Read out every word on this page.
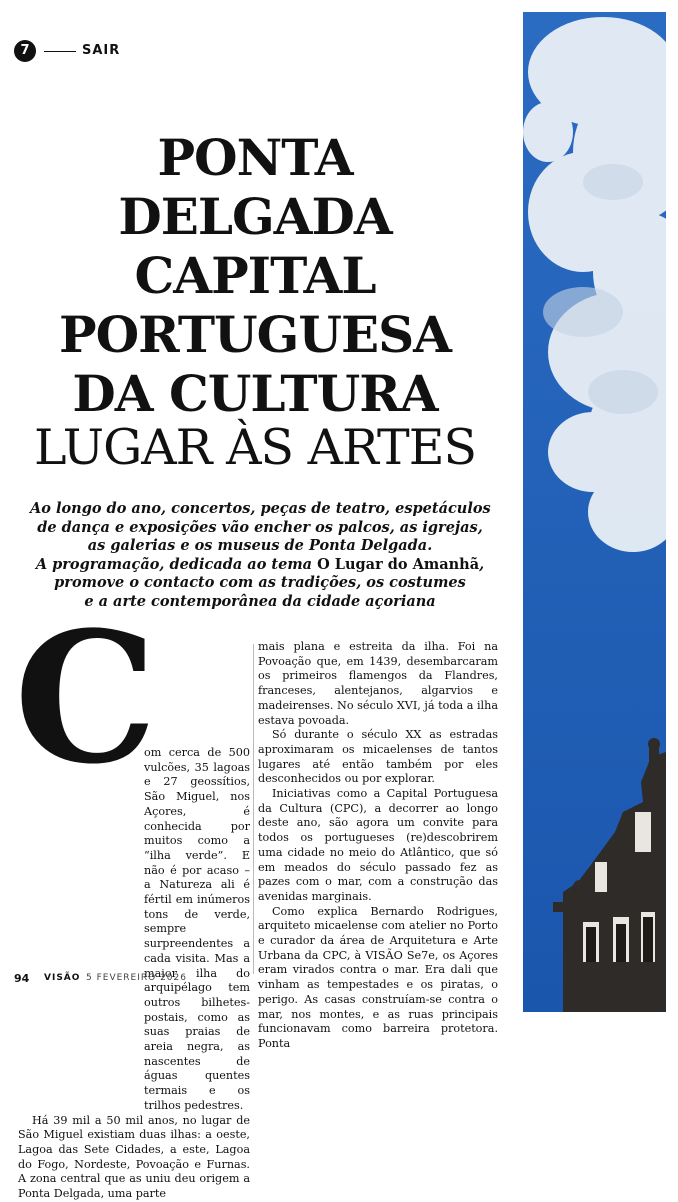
7	SAIR
PONTA
DELGADA
CAPITAL
PORTUGUESA
DA CULTURA
LUGAR ÀS ARTES
Ao longo do ano, concertos, peças de teatro, espetáculos
de dança e exposições vão encher os palcos, as igrejas,
as galerias e os museus de Ponta Delgada.
A programação, dedicada ao tema O Lugar do Amanhã,
promove o contacto com as tradições, os costumes
e a arte contemporânea da cidade açoriana
C

om cerca de 500 vulcões, 35 lagoas e 27 geossítios, São Miguel, nos Açores, é conhecida por muitos como a “ilha verde”. E não é por acaso – a Natureza ali é fértil em inúmeros tons de verde, sempre surpreendentes a cada visita. Mas a maior ilha do arquipélago tem outros bilhetes-postais, como as suas praias de areia negra, as nascentes de águas quentes termais e os trilhos pedestres.

Há 39 mil a 50 mil anos, no lugar de São Miguel existiam duas ilhas: a oeste, Lagoa das Sete Cidades, a este, Lagoa do Fogo, Nordeste, Povoação e Furnas. A zona central que as uniu deu origem a Ponta Delgada, uma parte

mais plana e estreita da ilha. Foi na Povoação que, em 1439, desembarcaram os primeiros flamengos da Flandres, franceses, alentejanos, algarvios e madeirenses. No século XVI, já toda a ilha estava povoada.

Só durante o século XX as estradas aproximaram os micaelenses de tantos lugares até então também por eles desconhecidos ou por explorar.

Iniciativas como a Capital Portuguesa da Cultura (CPC), a decorrer ao longo deste ano, são agora um convite para todos os portugueses (re)descobrirem uma cidade no meio do Atlântico, que só em meados do século passado fez as pazes com o mar, com a construção das avenidas marginais.

Como explica Bernardo Rodrigues, arquiteto micaelense com atelier no Porto e curador da área de Arquitetura e Arte Urbana da CPC, à VISÃO Se7e, os Açores eram virados contra o mar. Era dali que vinham as tempestades e os piratas, o perigo. As casas construíam-se contra o mar, nos montes, e as ruas principais funcionavam como barreira protetora. Ponta

94 VISÃO 5 FEVEREIRO 2026
